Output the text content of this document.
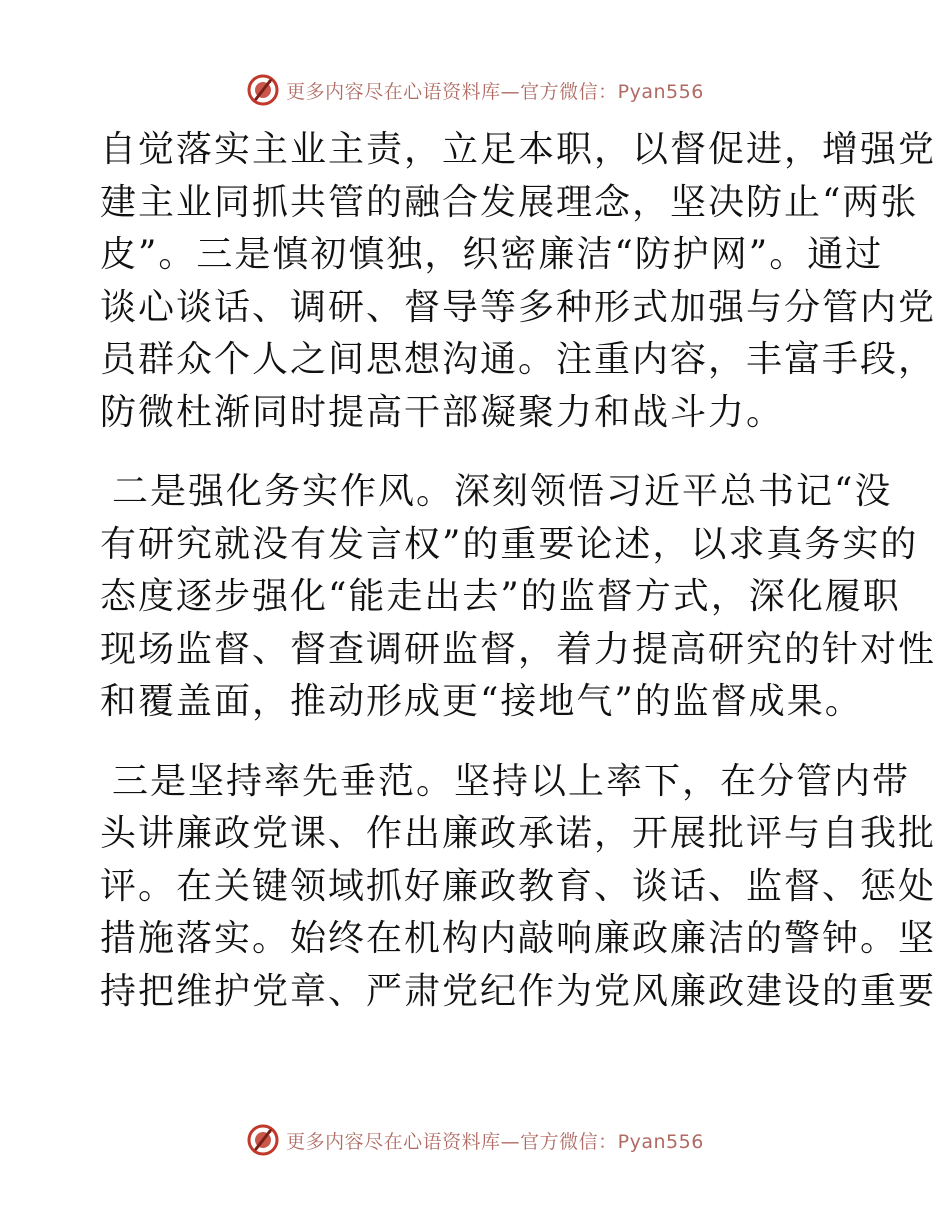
更多内容尽在心语资料库—官方微信：Pyan556
自觉落实主业主责，立足本职，以督促进，增强党
建主业同抓共管的融合发展理念，坚决防止“两张
皮”。三是慎初慎独，织密廉洁“防护网”。通过
谈心谈话、调研、督导等多种形式加强与分管内党
员群众个人之间思想沟通。注重内容，丰富手段，
防微杜渐同时提高干部凝聚力和战斗力。
二是强化务实作风。深刻领悟习近平总书记“没
有研究就没有发言权”的重要论述，以求真务实的
态度逐步强化“能走出去”的监督方式，深化履职
现场监督、督查调研监督，着力提高研究的针对性
和覆盖面，推动形成更“接地气”的监督成果。
三是坚持率先垂范。坚持以上率下，在分管内带
头讲廉政党课、作出廉政承诺，开展批评与自我批
评。在关键领域抓好廉政教育、谈话、监督、惩处
措施落实。始终在机构内敲响廉政廉洁的警钟。坚
持把维护党章、严肃党纪作为党风廉政建设的重要
更多内容尽在心语资料库—官方微信：Pyan556
